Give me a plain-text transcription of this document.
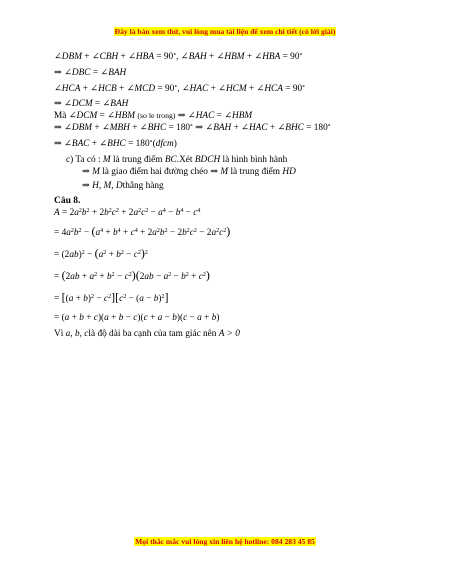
Đây là bản xem thử, vui lòng mua tài liệu để xem chi tiết (có lời giải)
∠DBM + ∠CBH + ∠HBA = 90∘, ∠BAH + ∠HBM + ∠HBA = 90∘
⇒ ∠DBC = ∠BAH
∠HCA + ∠HCB + ∠MCD = 90∘, ∠HAC + ∠HCM + ∠HCA = 90∘
⇒ ∠DCM = ∠BAH
Mà ∠DCM = ∠HBM (so le trong) ⇒ ∠HAC = ∠HBM
⇒ ∠DBM + ∠MBH + ∠BHC = 180∘ ⇒ ∠BAH + ∠HAC + ∠BHC = 180∘
⇒ ∠BAC + ∠BHC = 180∘(dfcm)
c) Ta có : M là trung điểm BC.Xét BDCH là hình bình hành
⇒ M là giao điểm hai đường chéo ⇒ M là trung điểm HD
⇒ H, M, Dthẳng hàng
Câu 8.
$A = 2a^2b^2 + 2b^2c^2 + 2a^2c^2 - a^4 - b^4 - c^4$
= $4a^2b^2 - (a^4 + b^4 + c^4 + 2a^2b^2 - 2b^2c^2 - 2a^2c^2)$
= $(2ab)^2 - (a^2 + b^2 - c^2)^2$
= $(2ab + a^2 + b^2 - c^2)(2ab - a^2 - b^2 + c^2)$
= $[(a + b)^2 - c^2][c^2 - (a - b)^2]$
= (a + b + c)(a + b − c)(c + a − b)(c − a + b)
Vì a, b, clà độ dài ba cạnh của tam giác nên A > 0
Mọi thắc mắc vui lòng xin liên hệ hotline: 084 283 45 85
